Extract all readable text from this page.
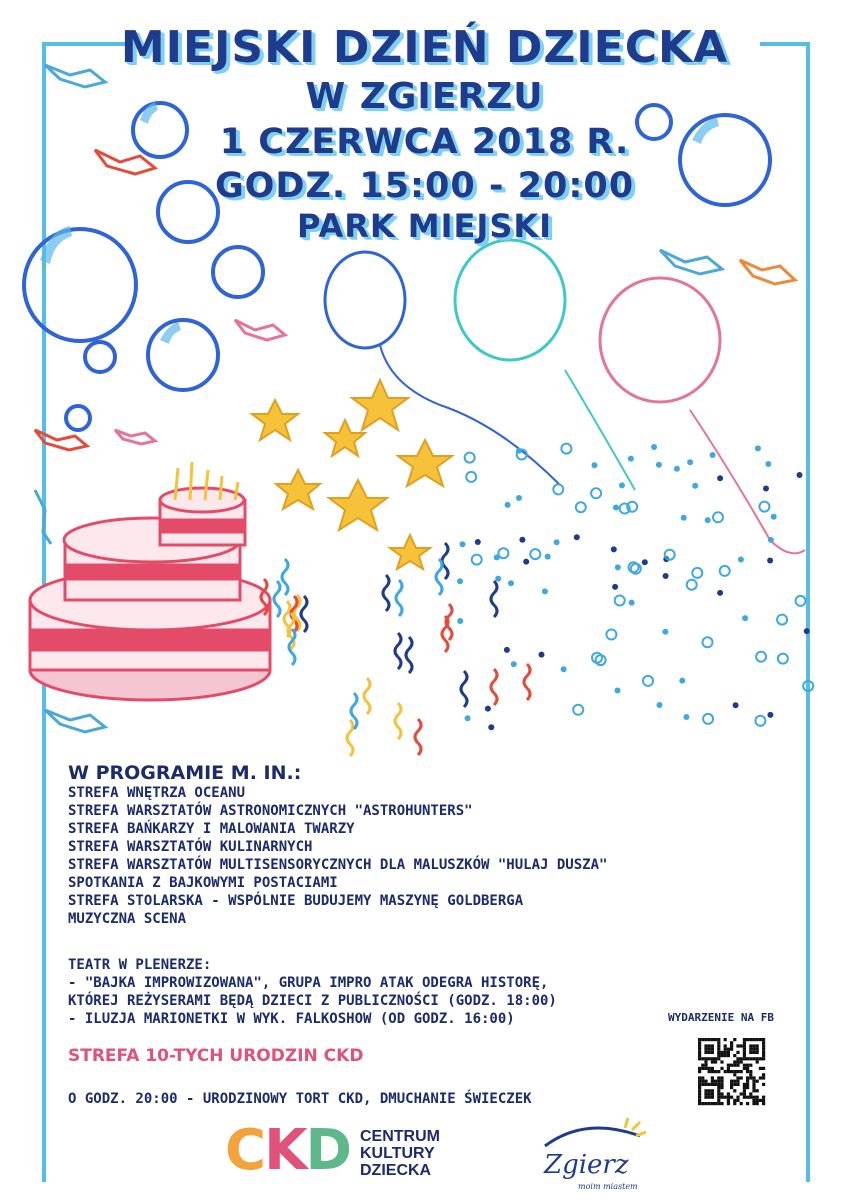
MIEJSKI DZIEŃ DZIECKA
W ZGIERZU
1 CZERWCA 2018 R.
GODZ. 15:00 - 20:00
PARK MIEJSKI
W PROGRAMIE M. IN.:
STREFA WNĘTRZA OCEANU
STREFA WARSZTATÓW ASTRONOMICZNYCH "ASTROHUNTERS"
STREFA BAŃKARZY I MALOWANIA TWARZY
STREFA WARSZTATÓW KULINARNYCH
STREFA WARSZTATÓW MULTISENSORYCZNYCH DLA MALUSZKÓW "HULAJ DUSZA"
SPOTKANIA Z BAJKOWYMI POSTACIAMI
STREFA STOLARSKA - WSPÓLNIE BUDUJEMY MASZYNĘ GOLDBERGA
MUZYCZNA SCENA
TEATR W PLENERZE:
- "BAJKA IMPROWIZOWANA", GRUPA IMPRO ATAK ODEGRA HISTORĘ,
KTÓREJ REŻYSERAMI BĘDĄ DZIECI Z PUBLICZNOŚCI (GODZ. 18:00)
- ILUZJA MARIONETKI W WYK. FALKOSHOW (OD GODZ. 16:00)
STREFA 10-TYCH URODZIN CKD
O GODZ. 20:00 - URODZINOWY TORT CKD, DMUCHANIE ŚWIECZEK
WYDARZENIE NA FB
CKD CENTRUM
KULTURY
DZIECKA	Zgierz
moim miastem
